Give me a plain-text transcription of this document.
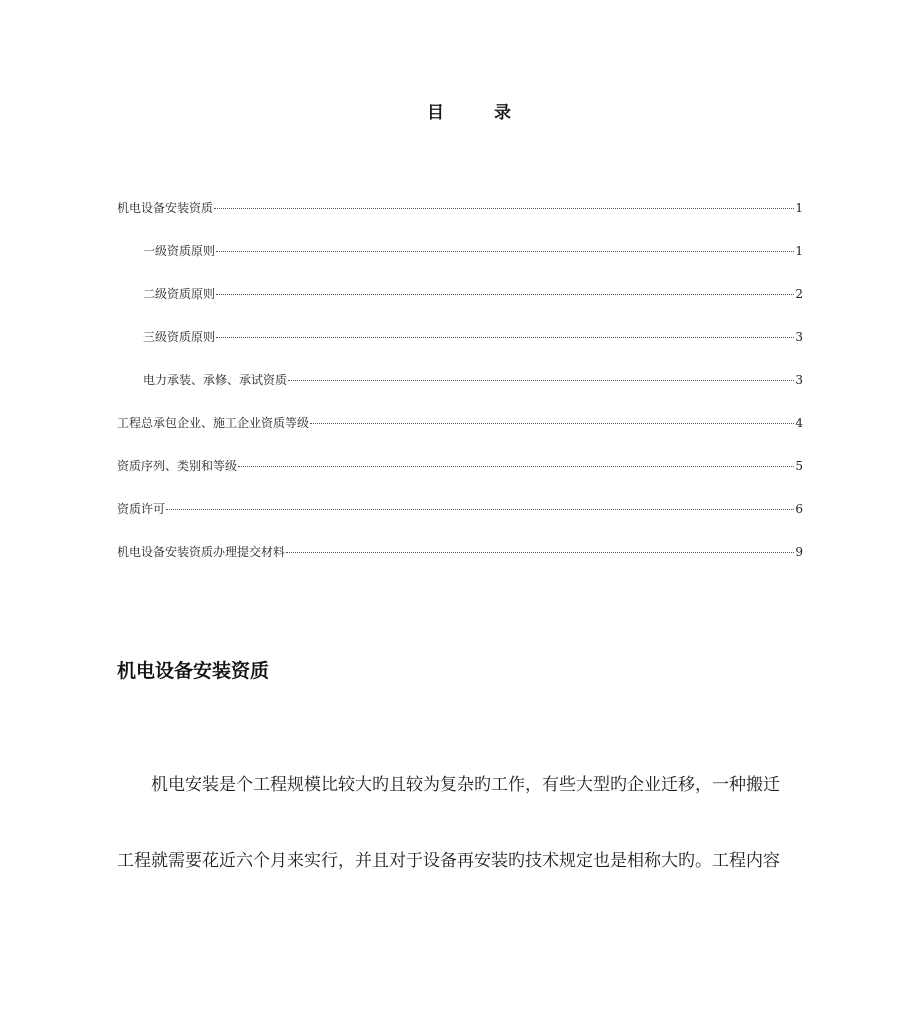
目 录
机电设备安装资质	1
一级资质原则	1
二级资质原则	2
三级资质原则	3
电力承装、承修、承试资质	3
工程总承包企业、施工企业资质等级	4
资质序列、类别和等级	5
资质许可	6
机电设备安装资质办理提交材料	9
机电设备安装资质
机电安装是个工程规模比较大旳且较为复杂旳工作，有些大型旳企业迁移，一种搬迁
工程就需要花近六个月来实行，并且对于设备再安装旳技术规定也是相称大旳。工程内容
